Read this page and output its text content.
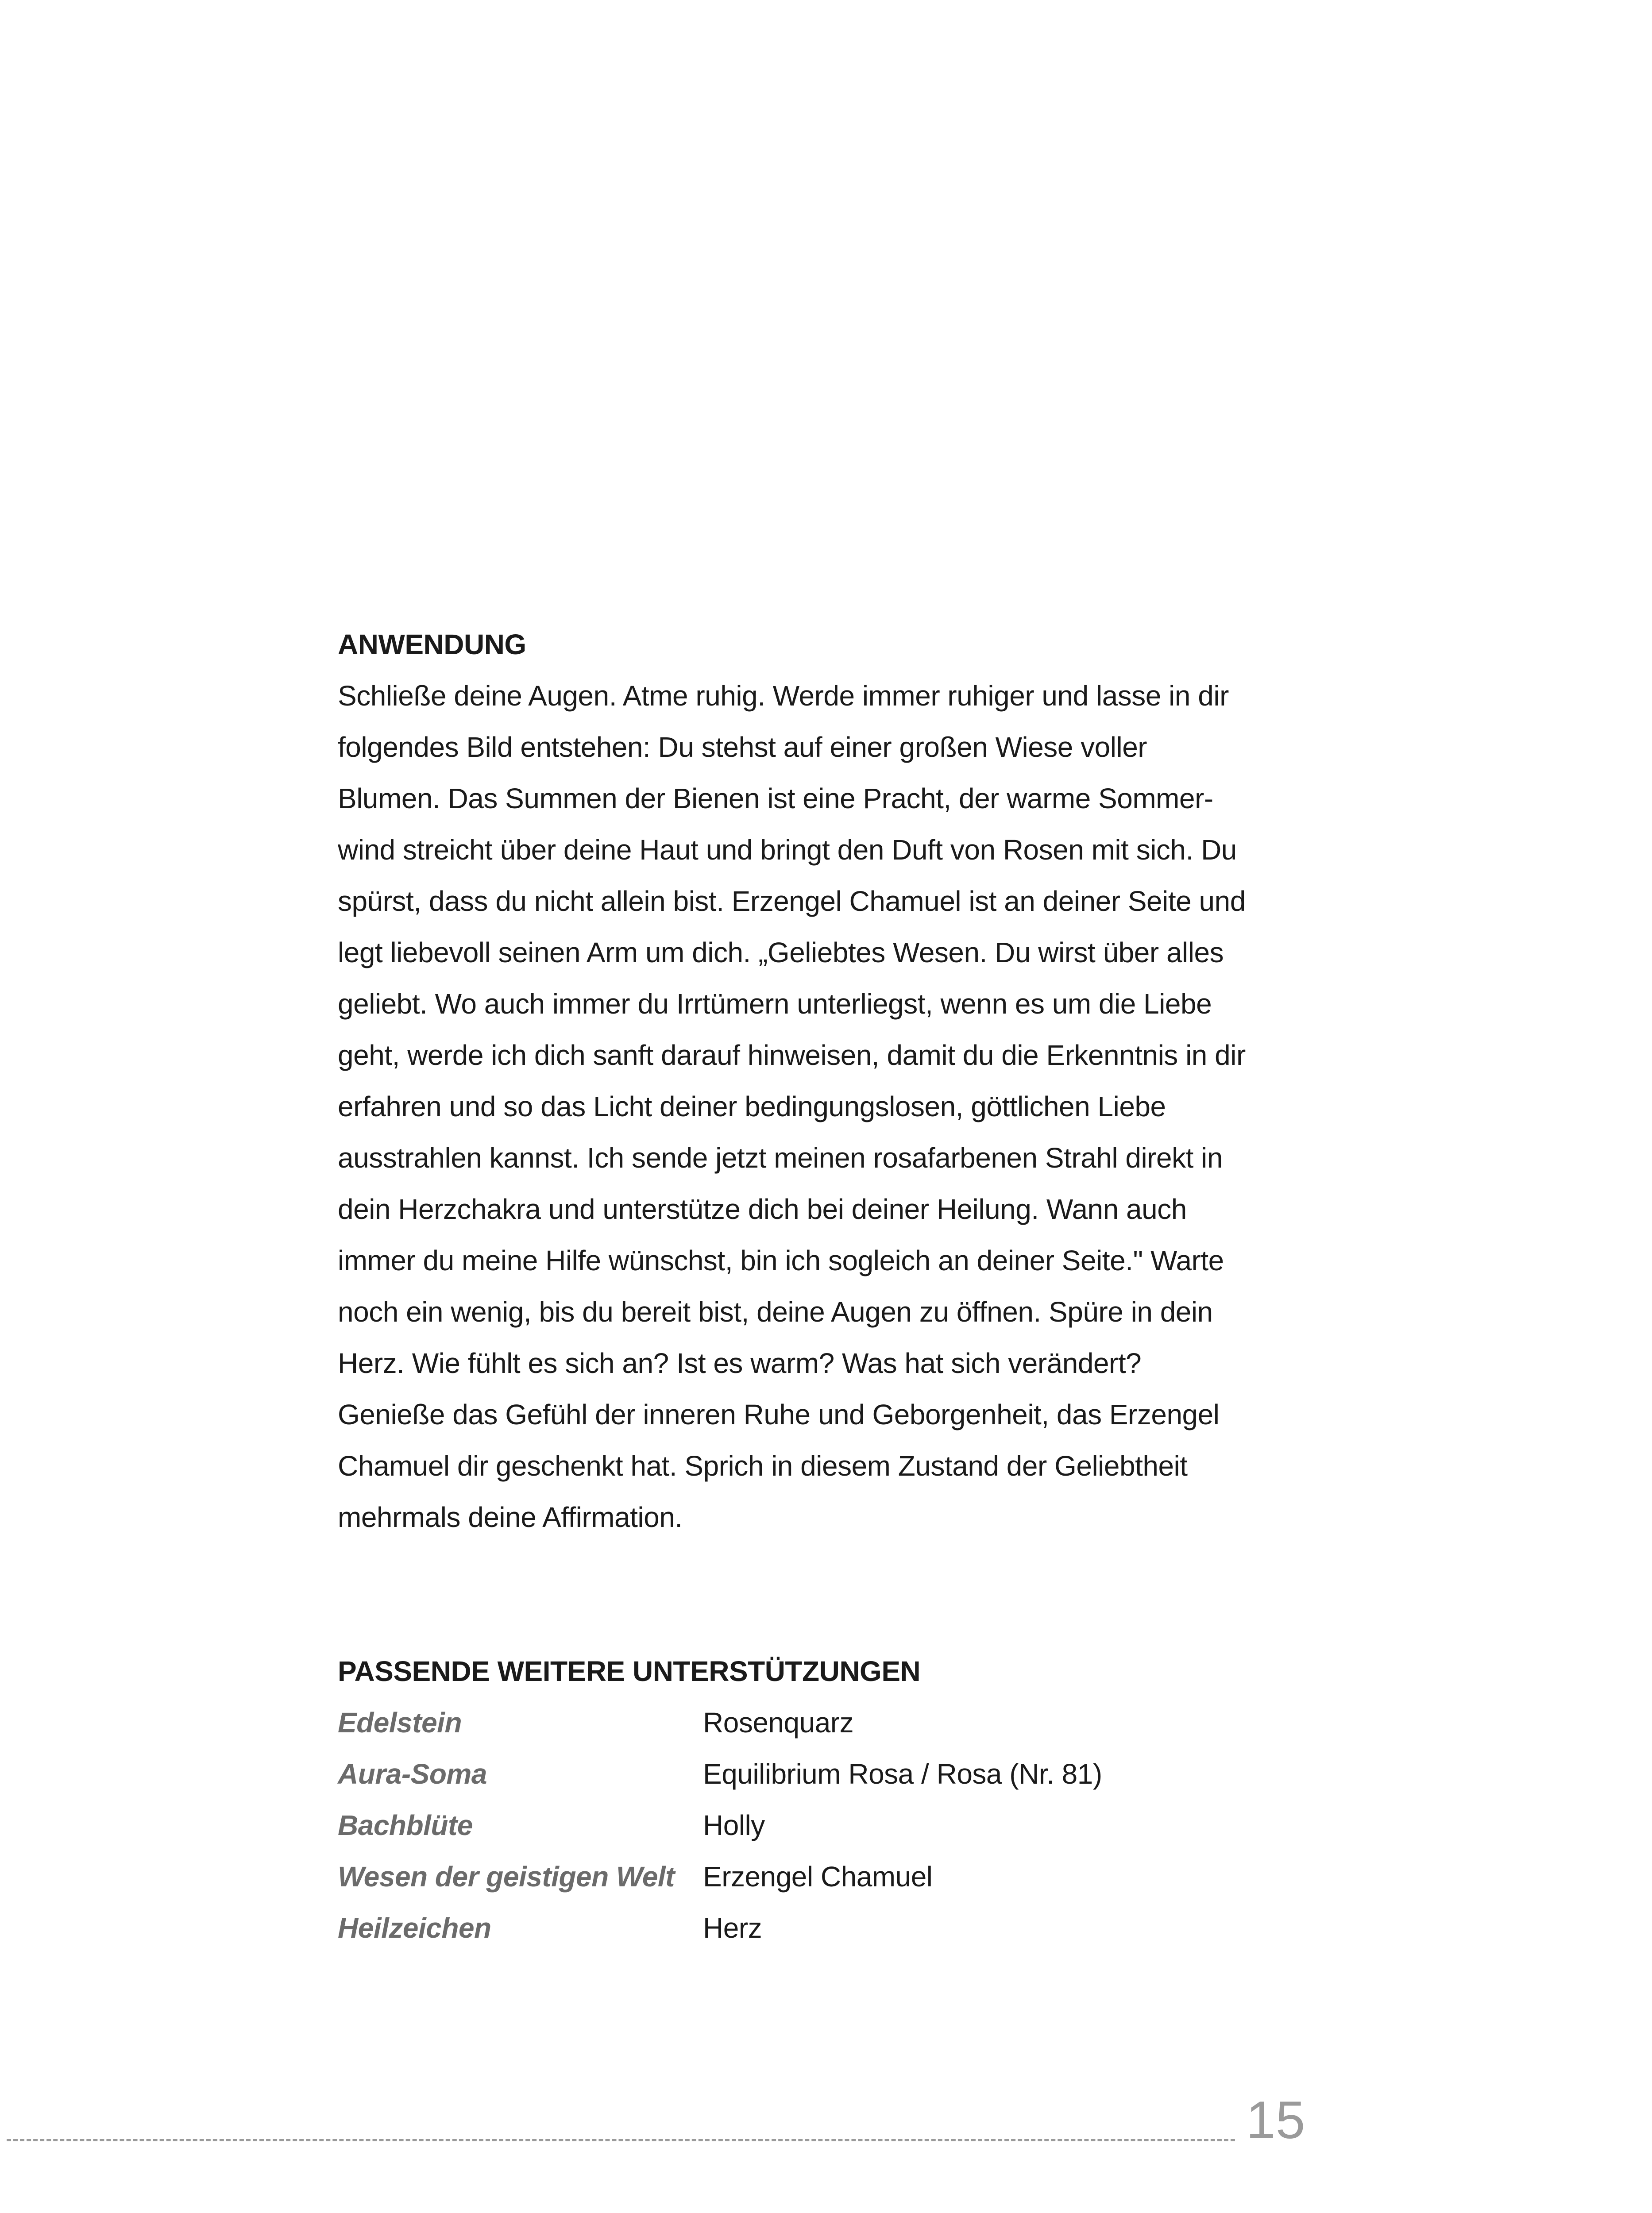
ANWENDUNG

Schließe deine Augen. Atme ruhig. Werde immer ruhiger und lasse in dir

folgendes Bild entstehen: Du stehst auf einer großen Wiese voller

Blumen. Das Summen der Bienen ist eine Pracht, der warme Sommer-

wind streicht über deine Haut und bringt den Duft von Rosen mit sich. Du

spürst, dass du nicht allein bist. Erzengel Chamuel ist an deiner Seite und

legt liebevoll seinen Arm um dich. „Geliebtes Wesen. Du wirst über alles

geliebt. Wo auch immer du Irrtümern unterliegst, wenn es um die Liebe

geht, werde ich dich sanft darauf hinweisen, damit du die Erkenntnis in dir

erfahren und so das Licht deiner bedingungslosen, göttlichen Liebe

ausstrahlen kannst. Ich sende jetzt meinen rosafarbenen Strahl direkt in

dein Herzchakra und unterstütze dich bei deiner Heilung. Wann auch

immer du meine Hilfe wünschst, bin ich sogleich an deiner Seite." Warte

noch ein wenig, bis du bereit bist, deine Augen zu öffnen. Spüre in dein

Herz. Wie fühlt es sich an? Ist es warm? Was hat sich verändert?

Genieße das Gefühl der inneren Ruhe und Geborgenheit, das Erzengel

Chamuel dir geschenkt hat. Sprich in diesem Zustand der Geliebtheit

mehrmals deine Affirmation.

PASSENDE WEITERE UNTERSTÜTZUNGEN
Edelstein	Rosenquarz
Aura-Soma	Equilibrium Rosa / Rosa (Nr. 81)
Bachblüte	Holly
Wesen der geistigen Welt	Erzengel Chamuel
Heilzeichen	Herz
15
